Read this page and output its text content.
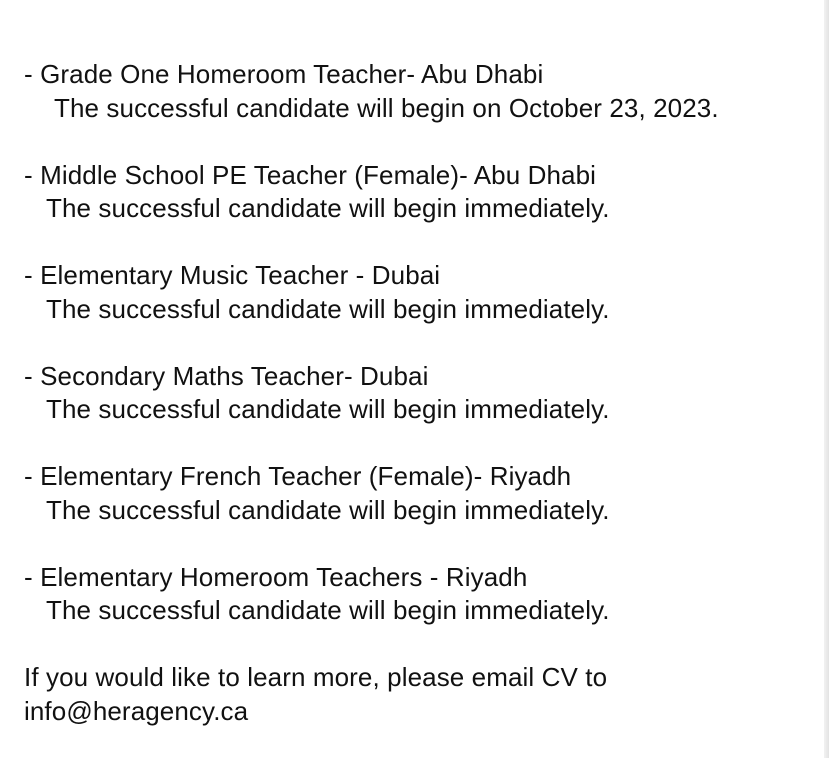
- Grade One Homeroom Teacher- Abu Dhabi
The successful candidate will begin on October 23, 2023.
- Middle School PE Teacher (Female)- Abu Dhabi
The successful candidate will begin immediately.
- Elementary Music Teacher - Dubai
The successful candidate will begin immediately.
- Secondary Maths Teacher- Dubai
The successful candidate will begin immediately.
- Elementary French Teacher (Female)- Riyadh
The successful candidate will begin immediately.
- Elementary Homeroom Teachers - Riyadh
The successful candidate will begin immediately.
If you would like to learn more, please email CV to
info@heragency.ca
